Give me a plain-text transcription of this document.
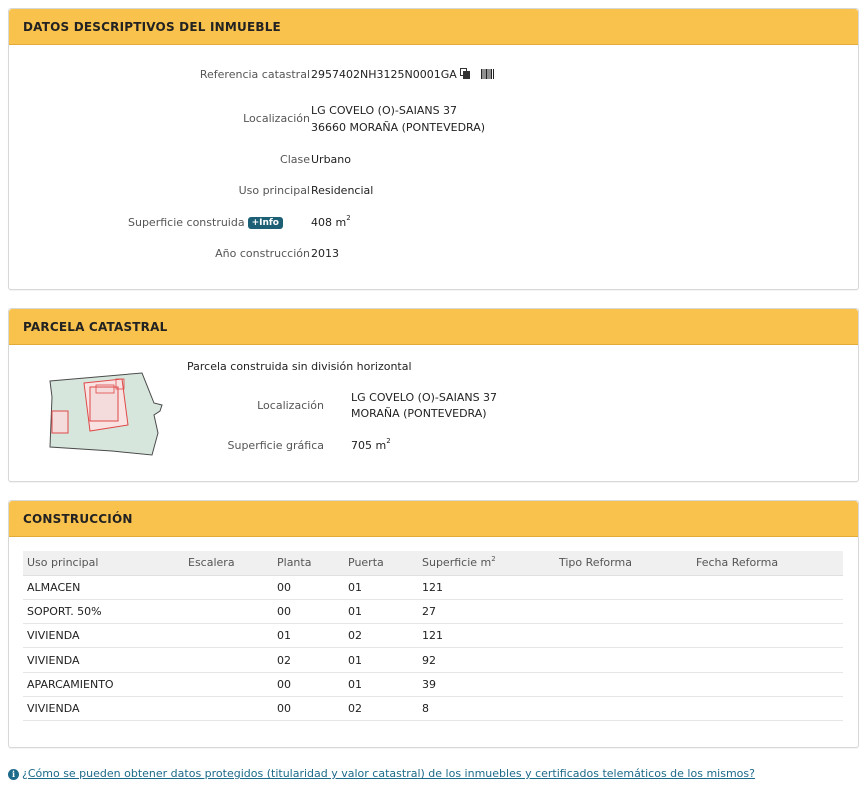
DATOS DESCRIPTIVOS DEL INMUEBLE
Referencia catastral 2957402NH3125N0001GA
Localización
LG COVELO (O)-SAIANS 37
36660 MORAÑA (PONTEVEDRA)
Clase Urbano
Uso principal Residencial
Superficie construida +Info	408 $m^2$
Año construcción 2013
PARCELA CATASTRAL
Parcela construida sin división horizontal
Localización
LG COVELO (O)-SAIANS 37
MORAÑA (PONTEVEDRA)
Superficie gráfica 705 $m^2$
CONSTRUCCIÓN
Uso principal	Escalera	Planta	Puerta	Superficie $m^2$	Tipo Reforma	Fecha Reforma
ALMACEN		00	01	121		
SOPORT. 50%		00	01	27		
VIVIENDA		01	02	121		
VIVIENDA		02	01	92		
APARCAMIENTO		00	01	39		
VIVIENDA		00	02	8		
i ¿Cómo se pueden obtener datos protegidos (titularidad y valor catastral) de los inmuebles y certificados telemáticos de los mismos?
